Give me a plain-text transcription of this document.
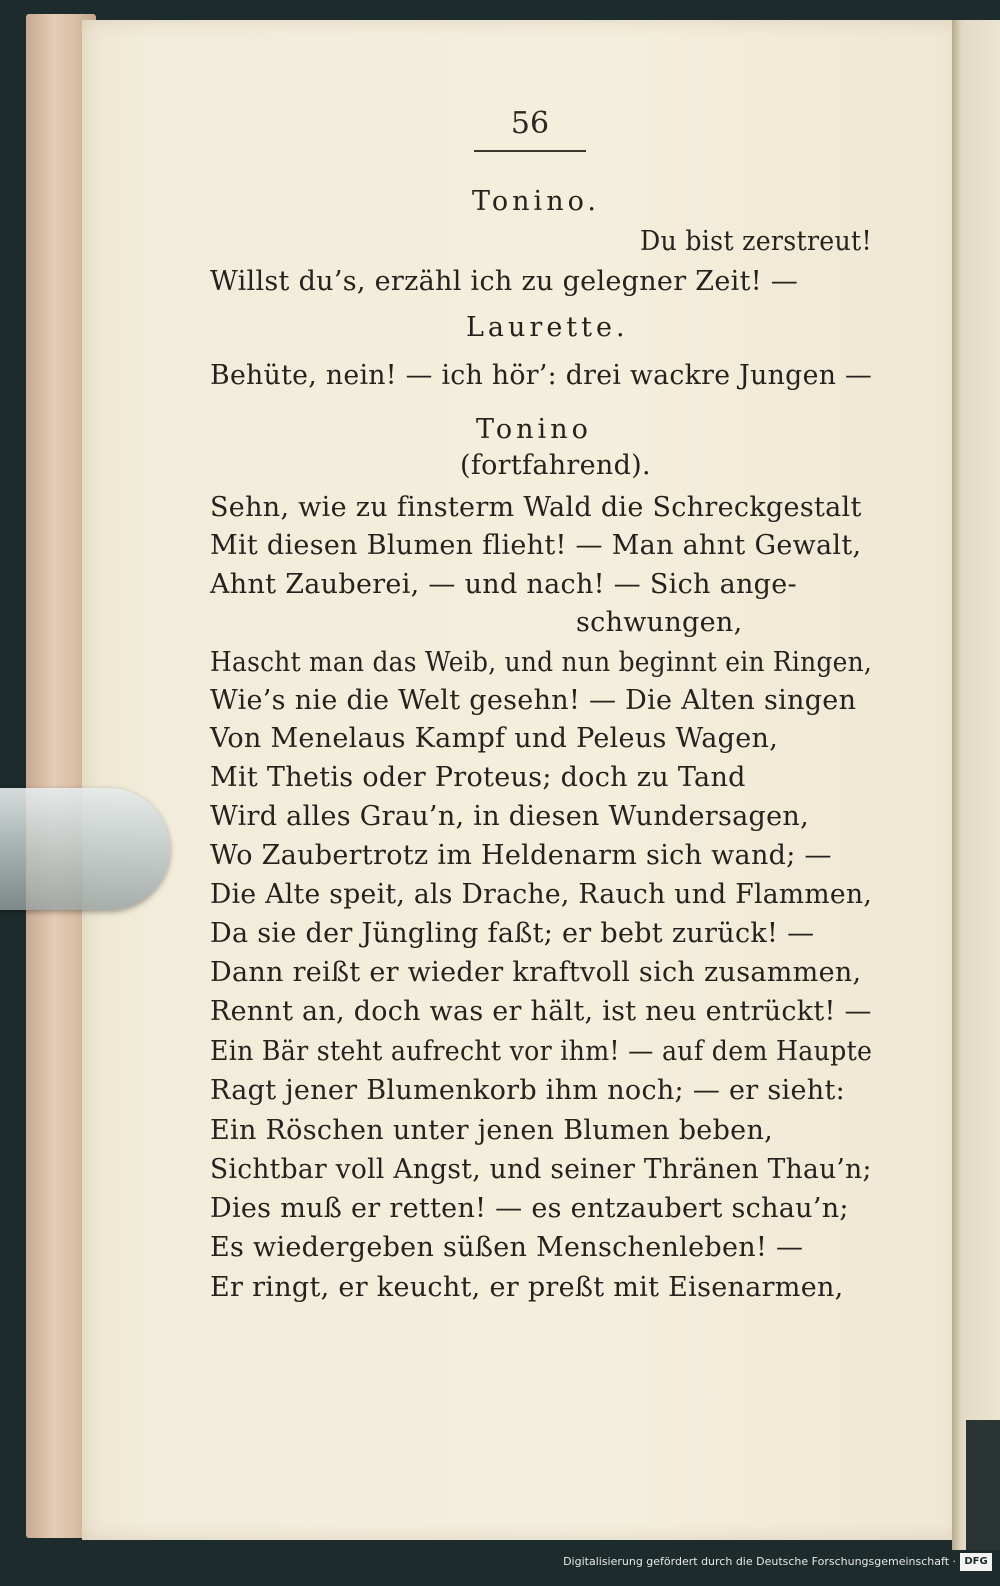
56
Tonino.
Du bist zerstreut!
Willst du’s, erzähl ich zu gelegner Zeit! —
Laurette.
Behüte, nein! — ich hör’: drei wackre Jungen —
Tonino
(fortfahrend).
Sehn, wie zu finsterm Wald die Schreckgestalt
Mit diesen Blumen flieht! — Man ahnt Gewalt,
Ahnt Zauberei, — und nach! — Sich ange-
schwungen,
Hascht man das Weib, und nun beginnt ein Ringen,
Wie’s nie die Welt gesehn! — Die Alten singen
Von Menelaus Kampf und Peleus Wagen,
Mit Thetis oder Proteus; doch zu Tand
Wird alles Grau’n, in diesen Wundersagen,
Wo Zaubertrotz im Heldenarm sich wand; —
Die Alte speit, als Drache, Rauch und Flammen,
Da sie der Jüngling faßt; er bebt zurück! —
Dann reißt er wieder kraftvoll sich zusammen,
Rennt an, doch was er hält, ist neu entrückt! —
Ein Bär steht aufrecht vor ihm! — auf dem Haupte
Ragt jener Blumenkorb ihm noch; — er sieht:
Ein Röschen unter jenen Blumen beben,
Sichtbar voll Angst, und seiner Thränen Thau’n;
Dies muß er retten! — es entzaubert schau’n;
Es wiedergeben süßen Menschenleben! —
Er ringt, er keucht, er preßt mit Eisenarmen,
Digitalisierung gefördert durch die Deutsche Forschungsgemeinschaft · DFG
